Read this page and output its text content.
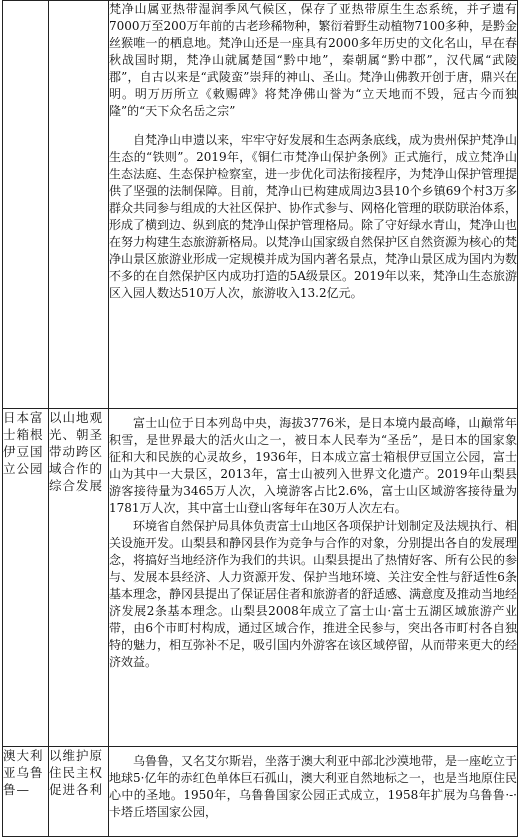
		梵净山属亚热带湿润季风气候区，保存了亚热带原生生态系统，并孑遗有7000万至200万年前的古老珍稀物种，繁衍着野生动植物7100多种，是黔金丝猴唯一的栖息地。梵净山还是一座具有2000多年历史的文化名山，早在春秋战国时期，梵净山就属楚国“黔中地”，秦朝属“黔中郡”，汉代属“武陵郡”，自古以来是“武陵蛮”崇拜的神山、圣山。梵净山佛教开创于唐，鼎兴在明。明万历所立《敕赐碑》将梵净佛山誉为“立天地而不毁，冠古今而独隆”的“天下众名岳之宗”

自梵净山申遗以来，牢牢守好发展和生态两条底线，成为贵州保护梵净山生态的“铁则”。2019年，《铜仁市梵净山保护条例》正式施行，成立梵净山生态法庭、生态保护检察室，进一步优化司法衔接程序，为梵净山保护管理提供了坚强的法制保障。目前，梵净山已构建成周边3县10个乡镇69个村3万多群众共同参与组成的大社区保护、协作式参与、网格化管理的联防联治体系，形成了横到边、纵到底的梵净山保护管理格局。除了守好绿水青山，梵净山也在努力构建生态旅游新格局。以梵净山国家级自然保护区自然资源为核心的梵净山景区旅游业形成一定规模并成为国内著名景点，梵净山景区成为国内为数不多的在自然保护区内成功打造的5A级景区。2019年以来，梵净山生态旅游区入园人数达510万人次，旅游收入13.2亿元。

日本富士箱根伊豆国立公园	以山地观光、朝圣带动跨区域合作的综合发展	富士山位于日本列岛中央，海拔3776米，是日本境内最高峰，山巅常年积雪，是世界最大的活火山之一，被日本人民奉为“圣岳”，是日本的国家象征和大和民族的心灵故乡，1936年，日本成立富士箱根伊豆国立公园，富士山为其中一大景区，2013年，富士山被列入世界文化遗产。2019年山梨县游客接待量为3465万人次，入境游客占比2.6%，富士山区域游客接待量为1781万人次，其中富士山登山客每年在30万人次左右。

环境省自然保护局具体负责富士山地区各项保护计划制定及法规执行、相关设施开发。山梨县和静冈县作为竞争与合作的对象，分别提出各自的发展理念，将搞好当地经济作为我们的共识。山梨县提出了热情好客、所有公民的参与、发展本县经济、人力资源开发、保护当地环境、关注安全性与舒适性6条基本理念，静冈县提出了保证居住者和旅游者的舒适感、满意度及推动当地经济发展2条基本理念。山梨县2008年成立了富士山·富士五湖区域旅游产业带，由6个市町村构成，通过区域合作，推进全民参与，突出各市町村各自独特的魅力，相互弥补不足，吸引国内外游客在该区域停留，从而带来更大的经济效益。

澳大利亚乌鲁鲁—	以维护原住民主权促进各利	乌鲁鲁，又名艾尔斯岩，坐落于澳大利亚中部北沙漠地带，是一座屹立于地球5·亿年的赤红色单体巨石孤山，澳大利亚自然地标之一，也是当地原住民心中的圣地。1950年，乌鲁鲁国家公园正式成立，1958年扩展为乌鲁鲁·-·卡塔丘塔国家公园，
